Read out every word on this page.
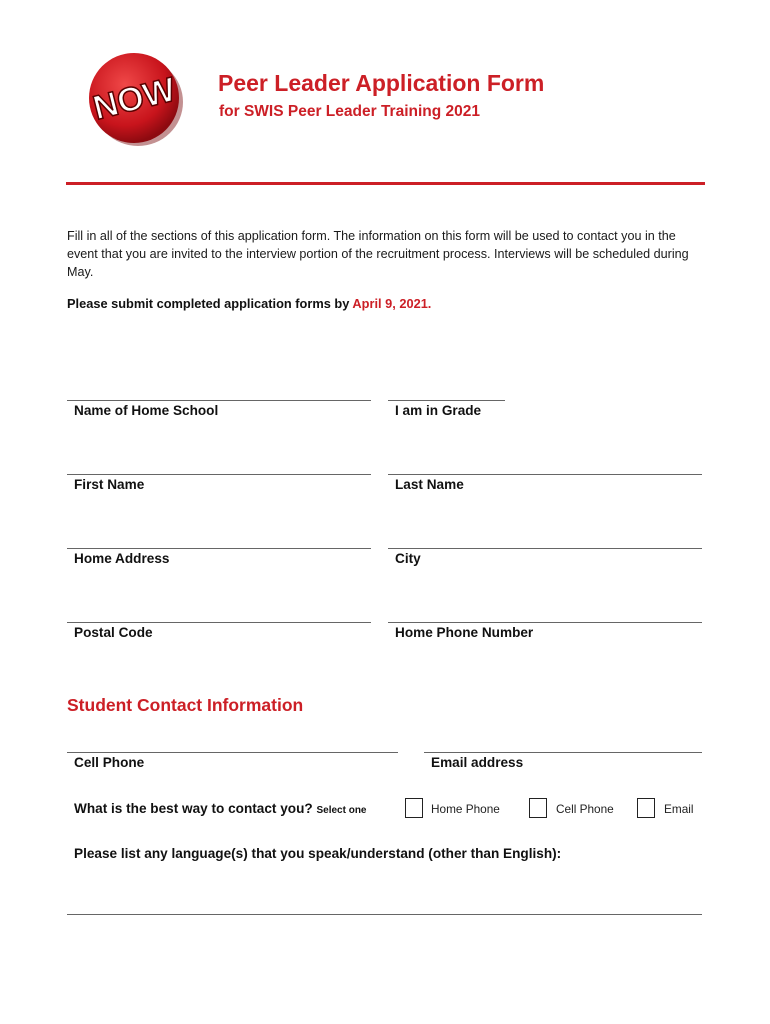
NOW Peer Leader Application Form
for SWIS Peer Leader Training 2021
Fill in all of the sections of this application form. The information on this form will be used to contact you in the event that you are invited to the interview portion of the recruitment process. Interviews will be scheduled during May.
Please submit completed application forms by April 9, 2021.
Name of Home School	I am in Grade
First Name	Last Name
Home Address	City
Postal Code	Home Phone Number
Student Contact Information
Cell Phone	Email address
What is the best way to contact you? Select one	Home Phone	Cell Phone	Email
Please list any language(s) that you speak/understand (other than English):
